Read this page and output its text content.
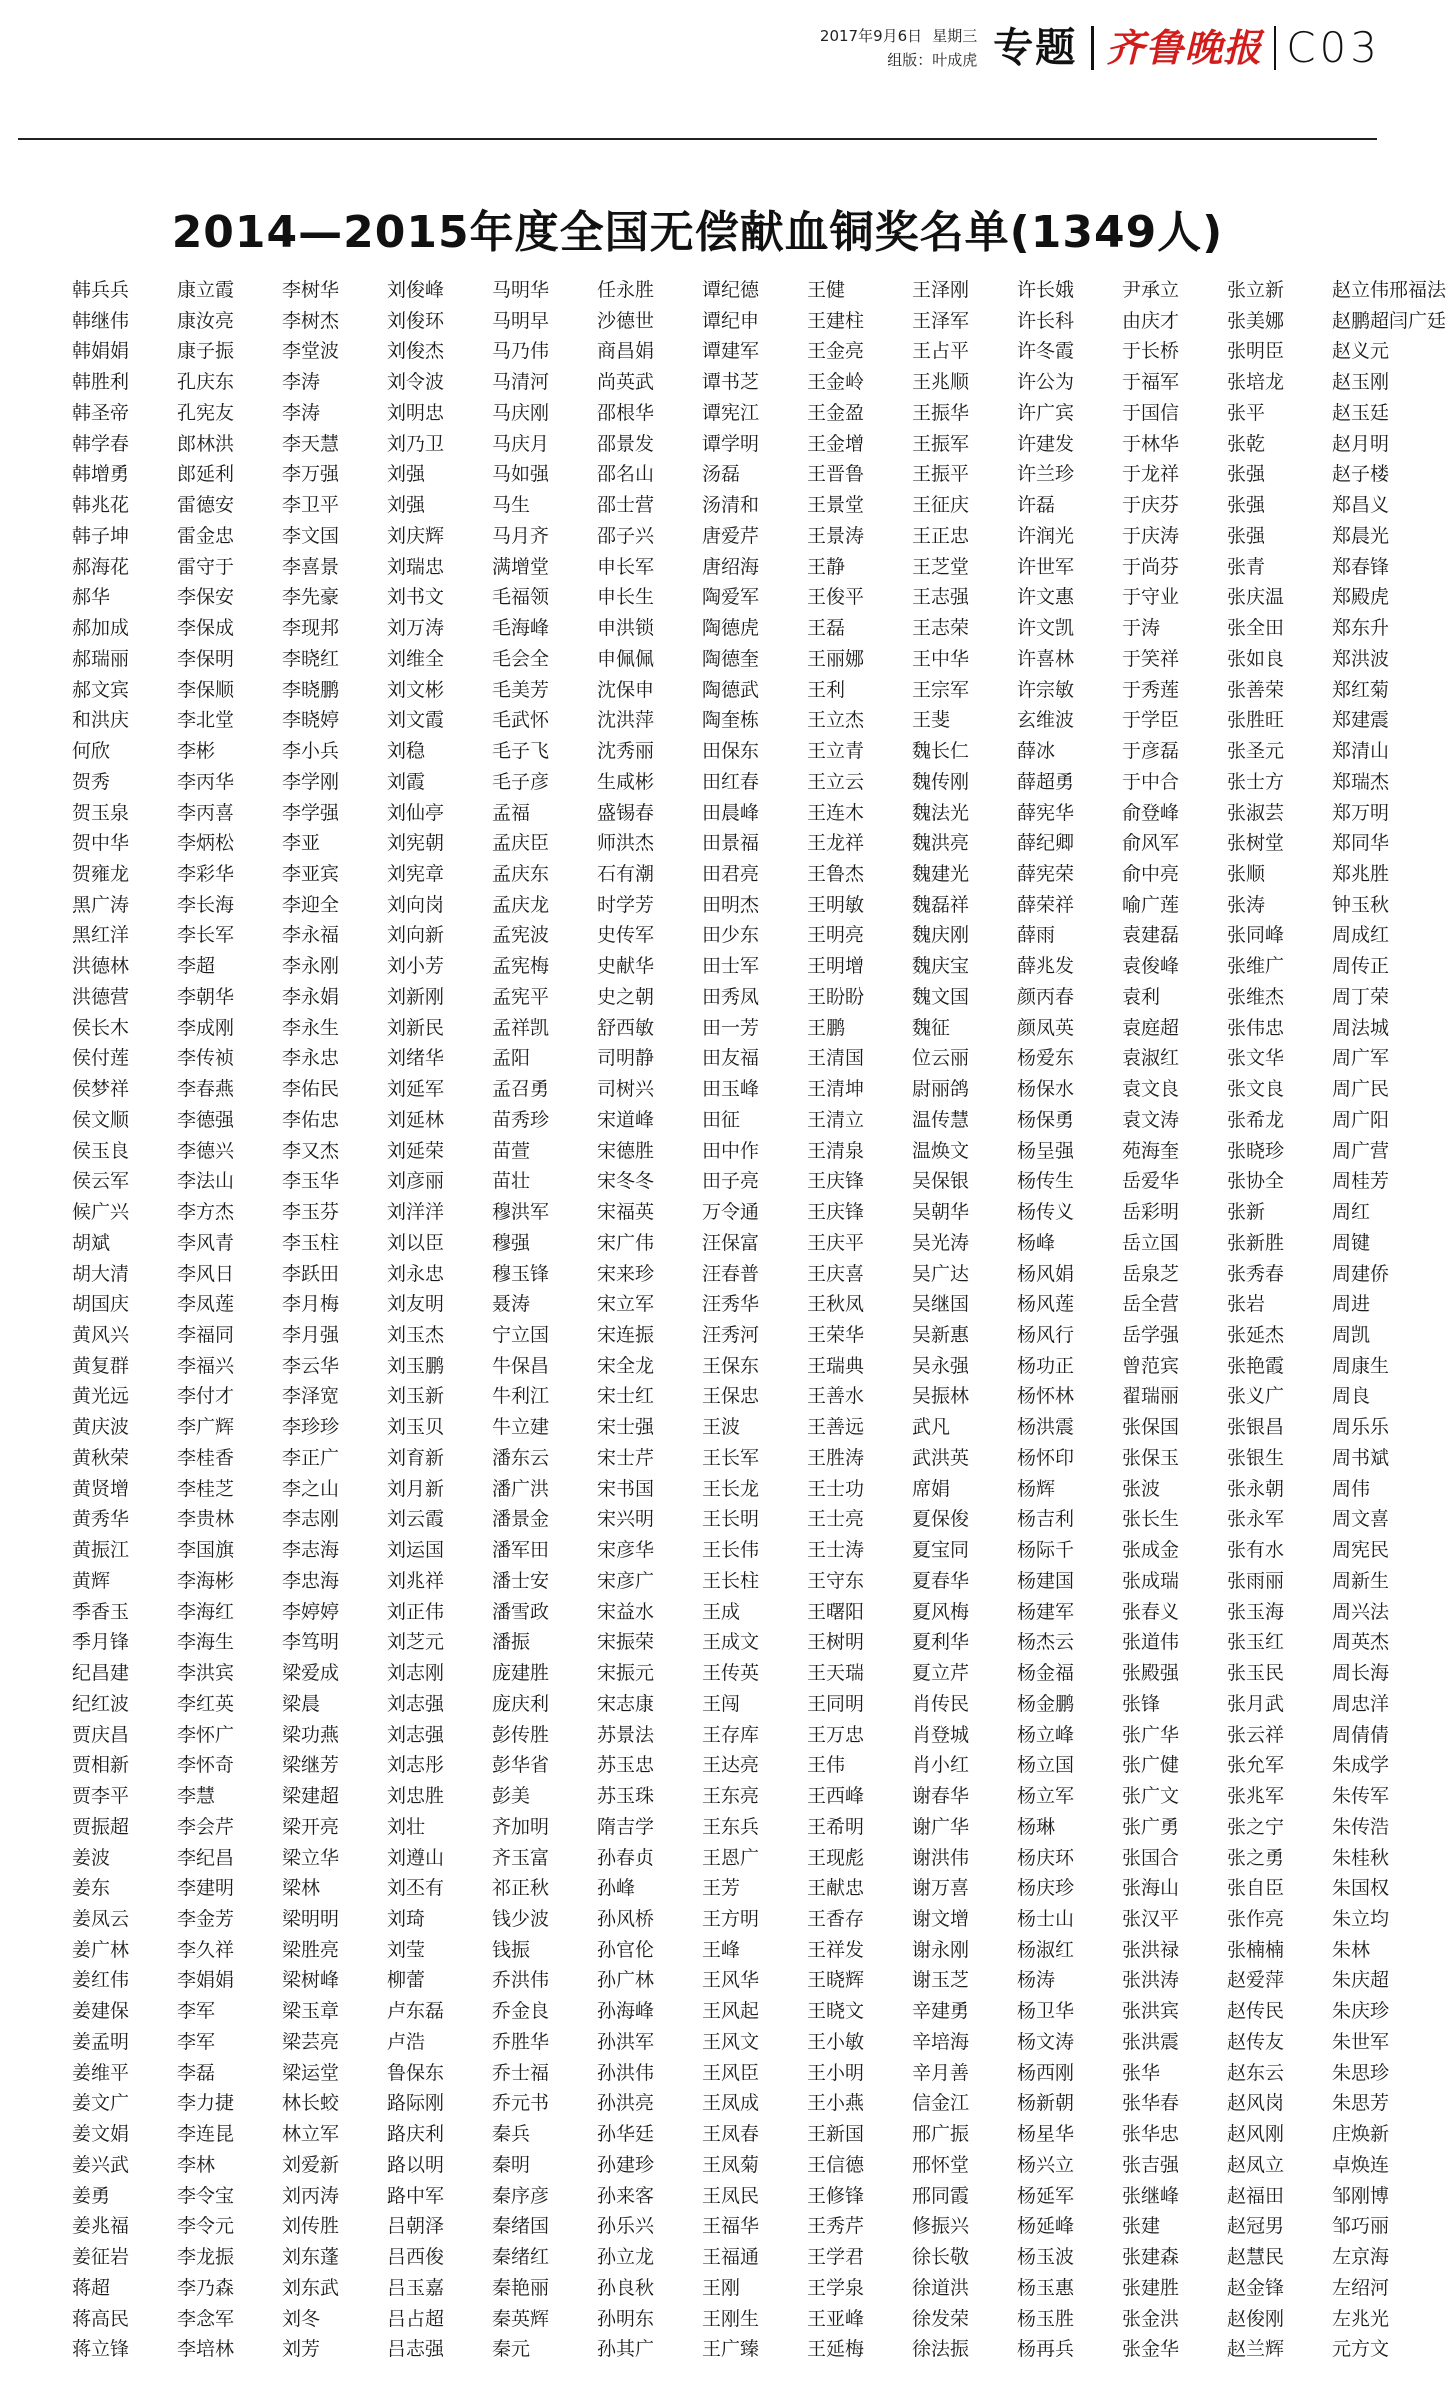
2017年9月6日 星期三
组版：叶成虎 专题 齐鲁晚报 C03
2014—2015年度全国无偿献血铜奖名单(1349人)
韩兵兵
韩继伟
韩娟娟
韩胜利
韩圣帝
韩学春
韩增勇
韩兆花
韩子坤
郝海花
郝华
郝加成
郝瑞丽
郝文宾
和洪庆
何欣
贺秀
贺玉泉
贺中华
贺雍龙
黑广涛
黑红洋
洪德林
洪德营
侯长木
侯付莲
侯梦祥
侯文顺
侯玉良
侯云军
候广兴
胡斌
胡大清
胡国庆
黄风兴
黄复群
黄光远
黄庆波
黄秋荣
黄贤增
黄秀华
黄振江
黄辉
季香玉
季月锋
纪昌建
纪红波
贾庆昌
贾相新
贾李平
贾振超
姜波
姜东
姜凤云
姜广林
姜红伟
姜建保
姜孟明
姜维平
姜文广
姜文娟
姜兴武
姜勇
姜兆福
姜征岩
蒋超
蒋高民
蒋立锋
康立霞
康汝亮
康子振
孔庆东
孔宪友
郎林洪
郎延利
雷德安
雷金忠
雷守于
李保安
李保成
李保明
李保顺
李北堂
李彬
李丙华
李丙喜
李炳松
李彩华
李长海
李长军
李超
李朝华
李成刚
李传祯
李春燕
李德强
李德兴
李法山
李方杰
李风青
李风日
李凤莲
李福同
李福兴
李付才
李广辉
李桂香
李桂芝
李贵林
李国旗
李海彬
李海红
李海生
李洪宾
李红英
李怀广
李怀奇
李慧
李会芹
李纪昌
李建明
李金芳
李久祥
李娟娟
李军
李军
李磊
李力捷
李连昆
李林
李令宝
李令元
李龙振
李乃森
李念军
李培林
李树华
李树杰
李堂波
李涛
李涛
李天慧
李万强
李卫平
李文国
李喜景
李先豪
李现邦
李晓红
李晓鹏
李晓婷
李小兵
李学刚
李学强
李亚
李亚宾
李迎全
李永福
李永刚
李永娟
李永生
李永忠
李佑民
李佑忠
李又杰
李玉华
李玉芬
李玉柱
李跃田
李月梅
李月强
李云华
李泽宽
李珍珍
李正广
李之山
李志刚
李志海
李忠海
李婷婷
李笃明
梁爱成
梁晨
梁功燕
梁继芳
梁建超
梁开亮
梁立华
梁林
梁明明
梁胜亮
梁树峰
梁玉章
梁芸亮
梁运堂
林长蛟
林立军
刘爱新
刘丙涛
刘传胜
刘东蓬
刘东武
刘冬
刘芳
刘俊峰
刘俊环
刘俊杰
刘令波
刘明忠
刘乃卫
刘强
刘强
刘庆辉
刘瑞忠
刘书文
刘万涛
刘维全
刘文彬
刘文霞
刘稳
刘霞
刘仙亭
刘宪朝
刘宪章
刘向岗
刘向新
刘小芳
刘新刚
刘新民
刘绪华
刘延军
刘延林
刘延荣
刘彦丽
刘洋洋
刘以臣
刘永忠
刘友明
刘玉杰
刘玉鹏
刘玉新
刘玉贝
刘育新
刘月新
刘云霞
刘运国
刘兆祥
刘正伟
刘芝元
刘志刚
刘志强
刘志强
刘志彤
刘忠胜
刘壮
刘遵山
刘丕有
刘琦
刘莹
柳蕾
卢东磊
卢浩
鲁保东
路际刚
路庆利
路以明
路中军
吕朝泽
吕西俊
吕玉嘉
吕占超
吕志强
马明华
马明早
马乃伟
马清河
马庆刚
马庆月
马如强
马生
马月齐
满增堂
毛福领
毛海峰
毛会全
毛美芳
毛武怀
毛子飞
毛子彦
孟福
孟庆臣
孟庆东
孟庆龙
孟宪波
孟宪梅
孟宪平
孟祥凯
孟阳
孟召勇
苗秀珍
苗萱
苗壮
穆洪军
穆强
穆玉锋
聂涛
宁立国
牛保昌
牛利江
牛立建
潘东云
潘广洪
潘景金
潘军田
潘士安
潘雪政
潘振
庞建胜
庞庆利
彭传胜
彭华省
彭美
齐加明
齐玉富
祁正秋
钱少波
钱振
乔洪伟
乔金良
乔胜华
乔士福
乔元书
秦兵
秦明
秦序彦
秦绪国
秦绪红
秦艳丽
秦英辉
秦元
任永胜
沙德世
商昌娟
尚英武
邵根华
邵景发
邵名山
邵士营
邵子兴
申长军
申长生
申洪锁
申佩佩
沈保申
沈洪萍
沈秀丽
生咸彬
盛锡春
师洪杰
石有潮
时学芳
史传军
史献华
史之朝
舒西敏
司明静
司树兴
宋道峰
宋德胜
宋冬冬
宋福英
宋广伟
宋来珍
宋立军
宋连振
宋全龙
宋士红
宋士强
宋士芹
宋书国
宋兴明
宋彦华
宋彦广
宋益水
宋振荣
宋振元
宋志康
苏景法
苏玉忠
苏玉珠
隋吉学
孙春贞
孙峰
孙风桥
孙官伦
孙广林
孙海峰
孙洪军
孙洪伟
孙洪亮
孙华廷
孙建珍
孙来客
孙乐兴
孙立龙
孙良秋
孙明东
孙其广
谭纪德
谭纪申
谭建军
谭书芝
谭宪江
谭学明
汤磊
汤清和
唐爱芹
唐绍海
陶爱军
陶德虎
陶德奎
陶德武
陶奎栋
田保东
田红春
田晨峰
田景福
田君亮
田明杰
田少东
田士军
田秀凤
田一芳
田友福
田玉峰
田征
田中作
田子亮
万令通
汪保富
汪春普
汪秀华
汪秀河
王保东
王保忠
王波
王长军
王长龙
王长明
王长伟
王长柱
王成
王成文
王传英
王闯
王存库
王达亮
王东亮
王东兵
王恩广
王芳
王方明
王峰
王风华
王风起
王风文
王风臣
王凤成
王凤春
王凤菊
王凤民
王福华
王福通
王刚
王刚生
王广臻
王健
王建柱
王金亮
王金岭
王金盈
王金增
王晋鲁
王景堂
王景涛
王静
王俊平
王磊
王丽娜
王利
王立杰
王立青
王立云
王连木
王龙祥
王鲁杰
王明敏
王明亮
王明增
王盼盼
王鹏
王清国
王清坤
王清立
王清泉
王庆锋
王庆锋
王庆平
王庆喜
王秋凤
王荣华
王瑞典
王善水
王善远
王胜涛
王士功
王士亮
王士涛
王守东
王曙阳
王树明
王天瑞
王同明
王万忠
王伟
王西峰
王希明
王现彪
王献忠
王香存
王祥发
王晓辉
王晓文
王小敏
王小明
王小燕
王新国
王信德
王修锋
王秀芹
王学君
王学泉
王亚峰
王延梅
王泽刚
王泽军
王占平
王兆顺
王振华
王振军
王振平
王征庆
王正忠
王芝堂
王志强
王志荣
王中华
王宗军
王斐
魏长仁
魏传刚
魏法光
魏洪亮
魏建光
魏磊祥
魏庆刚
魏庆宝
魏文国
魏征
位云丽
尉丽鸽
温传慧
温焕文
吴保银
吴朝华
吴光涛
吴广达
吴继国
吴新惠
吴永强
吴振林
武凡
武洪英
席娟
夏保俊
夏宝同
夏春华
夏风梅
夏利华
夏立芹
肖传民
肖登城
肖小红
谢春华
谢广华
谢洪伟
谢万喜
谢文增
谢永刚
谢玉芝
辛建勇
辛培海
辛月善
信金江
邢广振
邢怀堂
邢同霞
修振兴
徐长敬
徐道洪
徐发荣
徐法振
许长娥
许长科
许冬霞
许公为
许广宾
许建发
许兰珍
许磊
许润光
许世军
许文惠
许文凯
许喜林
许宗敏
玄维波
薛冰
薛超勇
薛宪华
薛纪卿
薛宪荣
薛荣祥
薛雨
薛兆发
颜丙春
颜凤英
杨爱东
杨保水
杨保勇
杨呈强
杨传生
杨传义
杨峰
杨风娟
杨风莲
杨风行
杨功正
杨怀林
杨洪震
杨怀印
杨辉
杨吉利
杨际千
杨建国
杨建军
杨杰云
杨金福
杨金鹏
杨立峰
杨立国
杨立军
杨琳
杨庆环
杨庆珍
杨士山
杨淑红
杨涛
杨卫华
杨文涛
杨西刚
杨新朝
杨星华
杨兴立
杨延军
杨延峰
杨玉波
杨玉惠
杨玉胜
杨再兵
尹承立
由庆才
于长桥
于福军
于国信
于林华
于龙祥
于庆芬
于庆涛
于尚芬
于守业
于涛
于笑祥
于秀莲
于学臣
于彦磊
于中合
俞登峰
俞风军
俞中亮
喻广莲
袁建磊
袁俊峰
袁利
袁庭超
袁淑红
袁文良
袁文涛
苑海奎
岳爱华
岳彩明
岳立国
岳泉芝
岳全营
岳学强
曾范宾
翟瑞丽
张保国
张保玉
张波
张长生
张成金
张成瑞
张春义
张道伟
张殿强
张锋
张广华
张广健
张广文
张广勇
张国合
张海山
张汉平
张洪禄
张洪涛
张洪宾
张洪震
张华
张华春
张华忠
张吉强
张继峰
张建
张建森
张建胜
张金洪
张金华
张立新
张美娜
张明臣
张培龙
张平
张乾
张强
张强
张强
张青
张庆温
张全田
张如良
张善荣
张胜旺
张圣元
张士方
张淑芸
张树堂
张顺
张涛
张同峰
张维广
张维杰
张伟忠
张文华
张文良
张希龙
张晓珍
张协全
张新
张新胜
张秀春
张岩
张延杰
张艳霞
张义广
张银昌
张银生
张永朝
张永军
张有水
张雨丽
张玉海
张玉红
张玉民
张月武
张云祥
张允军
张兆军
张之宁
张之勇
张自臣
张作亮
张楠楠
赵爱萍
赵传民
赵传友
赵东云
赵风岗
赵风刚
赵凤立
赵福田
赵冠男
赵慧民
赵金锋
赵俊刚
赵兰辉
赵立伟
赵鹏超
赵义元
赵玉刚
赵玉廷
赵月明
赵子楼
郑昌义
郑晨光
郑春锋
郑殿虎
郑东升
郑洪波
郑红菊
郑建震
郑清山
郑瑞杰
郑万明
郑同华
郑兆胜
钟玉秋
周成红
周传正
周丁荣
周法城
周广军
周广民
周广阳
周广营
周桂芳
周红
周键
周建侨
周进
周凯
周康生
周良
周乐乐
周书斌
周伟
周文喜
周宪民
周新生
周兴法
周英杰
周长海
周忠洋
周倩倩
朱成学
朱传军
朱传浩
朱桂秋
朱国权
朱立均
朱林
朱庆超
朱庆珍
朱世军
朱思珍
朱思芳
庄焕新
卓焕连
邹刚博
邹巧丽
左京海
左绍河
左兆光
元方文
邢福法
闫广廷
